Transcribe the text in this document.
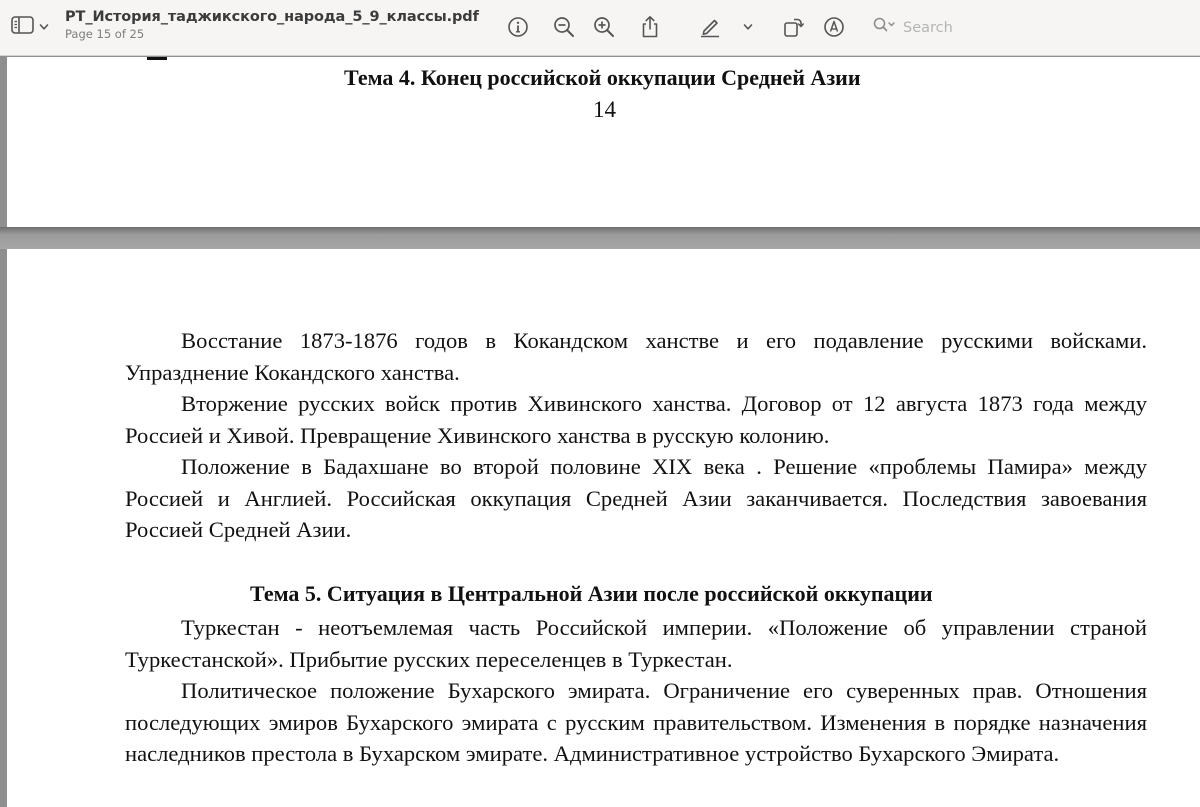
PT_История_таджикского_народа_5_9_классы.pdf
Page 15 of 25
Search
Тема 4. Конец российской оккупации Средней Азии
14

Восстание 1873-1876 годов в Кокандском ханстве и его подавление русскими войсками. Упразднение Кокандского ханства.

Вторжение русских войск против Хивинского ханства. Договор от 12 августа 1873 года между Россией и Хивой. Превращение Хивинского ханства в русскую колонию.

Положение в Бадахшане во второй половине XIX века . Решение «проблемы Памира» между Россией и Англией. Российская оккупация Средней Азии заканчивается. Последствия завоевания Россией Средней Азии.

Тема 5. Ситуация в Центральной Азии после российской оккупации

Туркестан - неотъемлемая часть Российской империи. «Положение об управлении страной Туркестанской». Прибытие русских переселенцев в Туркестан.

Политическое положение Бухарского эмирата. Ограничение его суверенных прав. Отношения последующих эмиров Бухарского эмирата с русским правительством. Изменения в порядке назначения наследников престола в Бухарском эмирате. Административное устройство Бухарского Эмирата.
